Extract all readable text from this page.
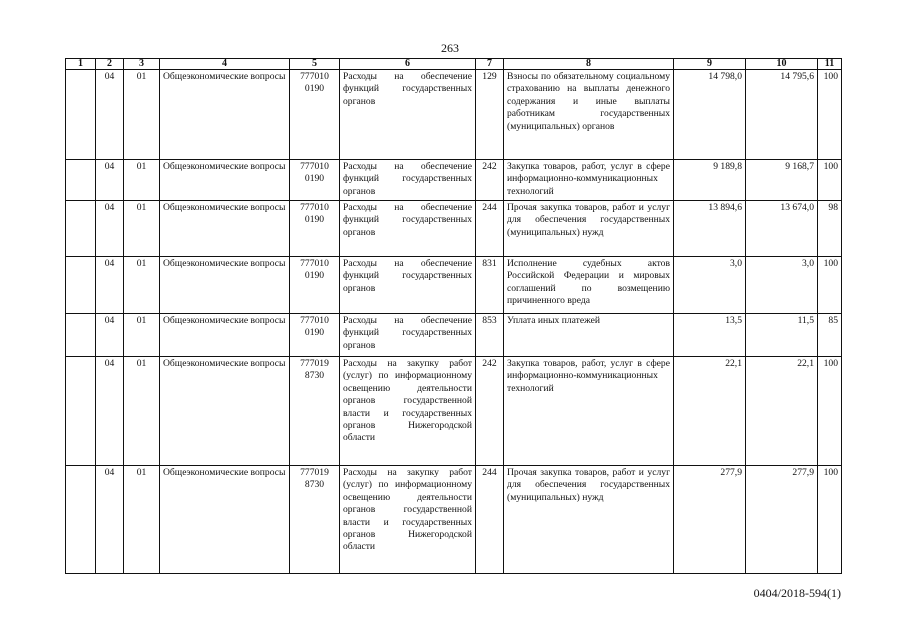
263
1	2	3	4	5	6	7	8	9	10	11
	04	01	Общеэкономические вопросы	777010 0190	Расходы на обеспечение функций государственных органов	129	Взносы по обязательному социальному страхованию на выплаты денежного содержания и иные выплаты работникам государственных (муниципальных) органов	14 798,0	14 795,6	100
	04	01	Общеэкономические вопросы	777010 0190	Расходы на обеспечение функций государственных органов	242	Закупка товаров, работ, услуг в сфере информационно-коммуникационных технологий	9 189,8	9 168,7	100
	04	01	Общеэкономические вопросы	777010 0190	Расходы на обеспечение функций государственных органов	244	Прочая закупка товаров, работ и услуг для обеспечения государственных (муниципальных) нужд	13 894,6	13 674,0	98
	04	01	Общеэкономические вопросы	777010 0190	Расходы на обеспечение функций государственных органов	831	Исполнение судебных актов Российской Федерации и мировых соглашений по возмещению причиненного вреда	3,0	3,0	100
	04	01	Общеэкономические вопросы	777010 0190	Расходы на обеспечение функций государственных органов	853	Уплата иных платежей	13,5	11,5	85
	04	01	Общеэкономические вопросы	777019 8730	Расходы на закупку работ (услуг) по информационному освещению деятельности органов государственной власти и государственных органов Нижегородской области	242	Закупка товаров, работ, услуг в сфере информационно-коммуникационных технологий	22,1	22,1	100
	04	01	Общеэкономические вопросы	777019 8730	Расходы на закупку работ (услуг) по информационному освещению деятельности органов государственной власти и государственных органов Нижегородской области	244	Прочая закупка товаров, работ и услуг для обеспечения государственных (муниципальных) нужд	277,9	277,9	100
0404/2018-594(1)
